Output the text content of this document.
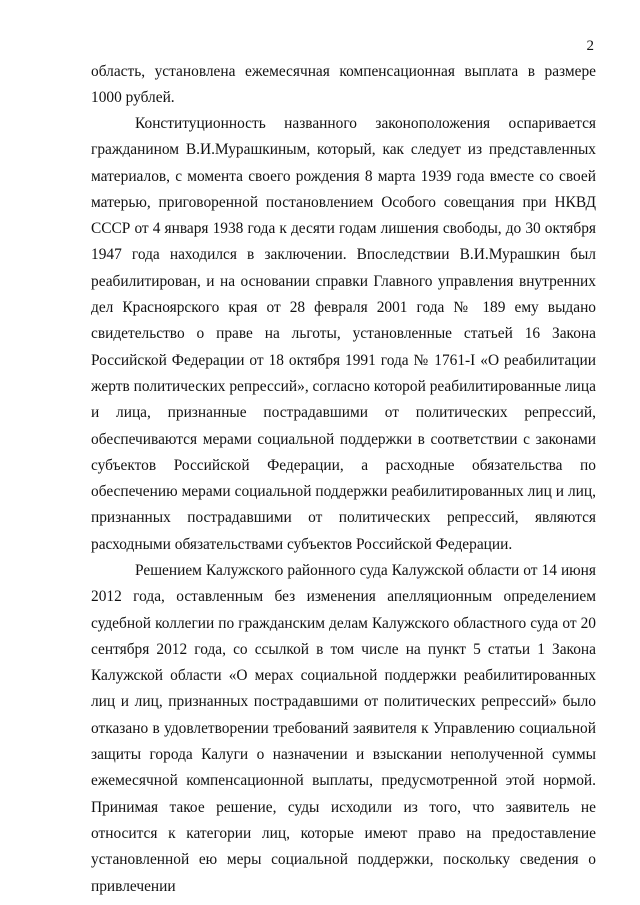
2

область, установлена ежемесячная компенсационная выплата в размере 1000 рублей.

Конституционность названного законоположения оспаривается гражданином В.И.Мурашкиным, который, как следует из представленных материалов, с момента своего рождения 8 марта 1939 года вместе со своей матерью, приговоренной постановлением Особого совещания при НКВД СССР от 4 января 1938 года к десяти годам лишения свободы, до 30 октября 1947 года находился в заключении. Впоследствии В.И.Мурашкин был реабилитирован, и на основании справки Главного управления внутренних дел Красноярского края от 28 февраля 2001 года № 189 ему выдано свидетельство о праве на льготы, установленные статьей 16 Закона Российской Федерации от 18 октября 1991 года № 1761-I «О реабилитации жертв политических репрессий», согласно которой реабилитированные лица и лица, признанные пострадавшими от политических репрессий, обеспечиваются мерами социальной поддержки в соответствии с законами субъектов Российской Федерации, а расходные обязательства по обеспечению мерами социальной поддержки реабилитированных лиц и лиц, признанных пострадавшими от политических репрессий, являются расходными обязательствами субъектов Российской Федерации.

Решением Калужского районного суда Калужской области от 14 июня 2012 года, оставленным без изменения апелляционным определением судебной коллегии по гражданским делам Калужского областного суда от 20 сентября 2012 года, со ссылкой в том числе на пункт 5 статьи 1 Закона Калужской области «О мерах социальной поддержки реабилитированных лиц и лиц, признанных пострадавшими от политических репрессий» было отказано в удовлетворении требований заявителя к Управлению социальной защиты города Калуги о назначении и взыскании неполученной суммы ежемесячной компенсационной выплаты, предусмотренной этой нормой. Принимая такое решение, суды исходили из того, что заявитель не относится к категории лиц, которые имеют право на предоставление установленной ею меры социальной поддержки, поскольку сведения о привлечении
